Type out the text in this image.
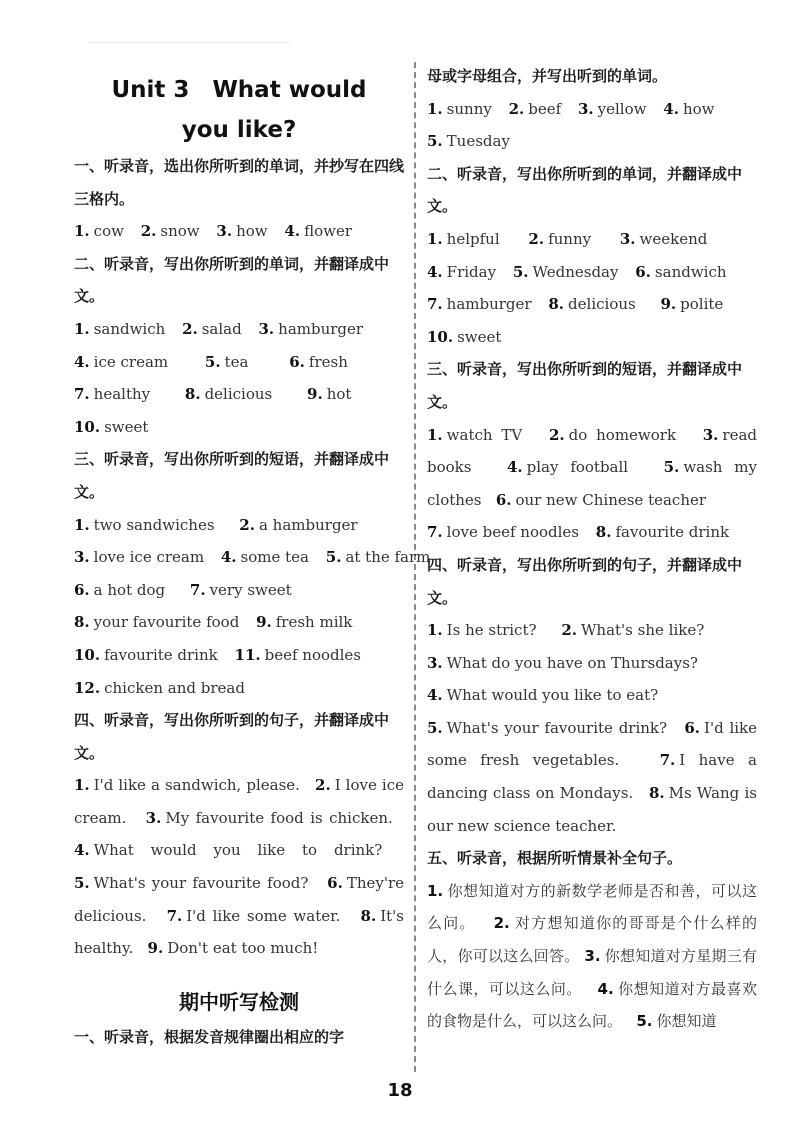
Unit 3　What would

you like?

一、听录音，选出你所听到的单词，并抄写在四线三格内。

1. cow 2. snow 3. how 4. flower

二、听录音，写出你所听到的单词，并翻译成中文。

1. sandwich 2. salad 3. hamburger

4. ice cream 5. tea	6. fresh

7. healthy 8. delicious 9. hot

10. sweet

三、听录音，写出你所听到的短语，并翻译成中文。

1. two sandwiches 2. a hamburger

3. love ice cream 4. some tea 5. at the farm

6. a hot dog 7. very sweet

8. your favourite food 9. fresh milk

10. favourite drink 11. beef noodles

12. chicken and bread

四、听录音，写出你所听到的句子，并翻译成中文。

1. I'd like a sandwich, please. 2. I love ice cream. 3. My favourite food is chicken.   4. What would you like to drink?   5. What's your favourite food? 6. They're delicious. 7. I'd like some water. 8. It's healthy. 9. Don't eat too much!

期中听写检测

一、听录音，根据发音规律圈出相应的字

母或字母组合，并写出听到的单词。

1. sunny 2. beef 3. yellow 4. how

5. Tuesday

二、听录音，写出你所听到的单词，并翻译成中文。

1. helpful 2. funny 3. weekend

4. Friday 5. Wednesday 6. sandwich

7. hamburger 8. delicious 9. polite

10. sweet

三、听录音，写出你所听到的短语，并翻译成中文。

1. watch TV 2. do homework 3. read books 4. play football 5. wash my clothes 6. our new Chinese teacher

7. love beef noodles 8. favourite drink

四、听录音，写出你所听到的句子，并翻译成中文。

1. Is he strict? 2. What's she like?

3. What do you have on Thursdays?

4. What would you like to eat?

5. What's your favourite drink? 6. I'd like some fresh vegetables.	7. I have a dancing class on Mondays. 8. Ms Wang is our new science teacher.

五、听录音，根据所听情景补全句子。

1. 你想知道对方的新数学老师是否和善，可以这么问。 2. 对方想知道你的哥哥是个什么样的人，你可以这么回答。 3. 你想知道对方星期三有什么课，可以这么问。 4. 你想知道对方最喜欢的食物是什么，可以这么问。 5. 你想知道

18
